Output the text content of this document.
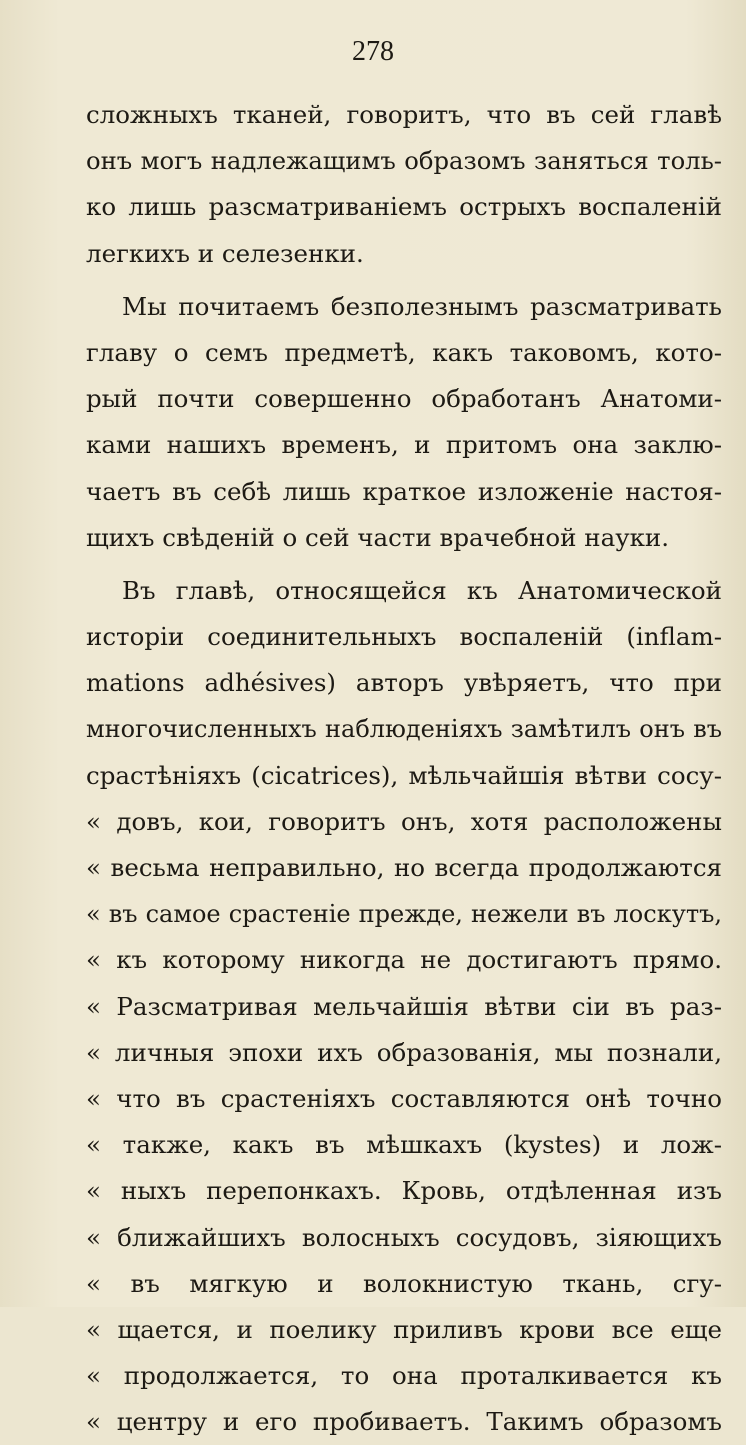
278
сложныхъ тканей, говоритъ, что въ сей главѣ
онъ могъ надлежащимъ образомъ заняться толь-
ко лишь разсматриванiемъ острыхъ воспаленiй
легкихъ и селезенки.
Мы почитаемъ безполезнымъ разсматривать
главу о семъ предметѣ, какъ таковомъ, кото-
рый почти совершенно обработанъ Анатоми-
ками нашихъ временъ, и притомъ она заклю-
чаетъ въ себѣ лишь краткое изложенiе настоя-
щихъ свѣденiй о сей части врачебной науки.
Въ главѣ, относящейся къ Анатомической
исторiи соединительныхъ воспаленiй (inflam-
mations adhésives) авторъ увѣряетъ, что при
многочисленныхъ наблюденiяхъ замѣтилъ онъ въ
срастѣнiяхъ (cicatrices), мѣльчайшiя вѣтви сосу-
« довъ, кои, говоритъ онъ, хотя расположены
« весьма неправильно, но всегда продолжаются
« въ самое срастенiе прежде, нежели въ лоскутъ,
« къ которому никогда не достигаютъ прямо.
« Разсматривая мельчайшiя вѣтви сiи въ раз-
« личныя эпохи ихъ образованiя, мы познали,
« что въ срастенiяхъ составляются онѣ точно
« также, какъ въ мѣшкахъ (kystes) и лож-
« ныхъ перепонкахъ. Кровь, отдѣленная изъ
« ближайшихъ волосныхъ сосудовъ, зiяющихъ
« въ мягкую и волокнистую ткань, сгу-
« щается, и поелику приливъ крови все еще
« продолжается, то она проталкивается къ
« центру и его пробиваетъ. Такимъ образомъ
